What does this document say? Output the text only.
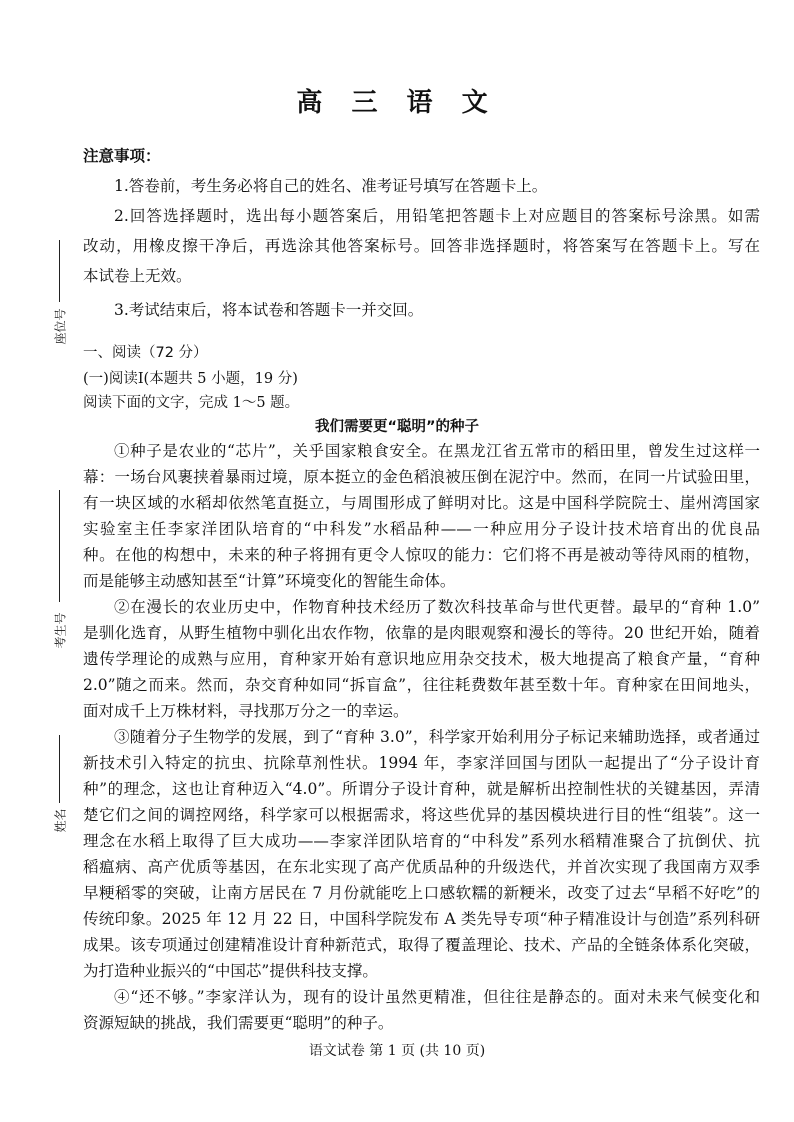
高 三 语 文
注意事项：
1.答卷前，考生务必将自己的姓名、准考证号填写在答题卡上。
2.回答选择题时，选出每小题答案后，用铅笔把答题卡上对应题目的答案标号涂黑。如需
改动，用橡皮擦干净后，再选涂其他答案标号。回答非选择题时，将答案写在答题卡上。写在
本试卷上无效。
3.考试结束后，将本试卷和答题卡一并交回。
座位号
考生号
姓名
一、阅读（72 分）
(一)阅读Ⅰ(本题共 5 小题，19 分)
阅读下面的文字，完成 1～5 题。
我们需要更“聪明”的种子
①种子是农业的“芯片”，关乎国家粮食安全。在黑龙江省五常市的稻田里，曾发生过这样一
幕：一场台风裹挟着暴雨过境，原本挺立的金色稻浪被压倒在泥泞中。然而，在同一片试验田里，
有一块区域的水稻却依然笔直挺立，与周围形成了鲜明对比。这是中国科学院院士、崖州湾国家
实验室主任李家洋团队培育的“中科发”水稻品种——一种应用分子设计技术培育出的优良品
种。在他的构想中，未来的种子将拥有更令人惊叹的能力：它们将不再是被动等待风雨的植物，
而是能够主动感知甚至“计算”环境变化的智能生命体。
②在漫长的农业历史中，作物育种技术经历了数次科技革命与世代更替。最早的“育种 1.0”
是驯化选育，从野生植物中驯化出农作物，依靠的是肉眼观察和漫长的等待。20 世纪开始，随着
遗传学理论的成熟与应用，育种家开始有意识地应用杂交技术，极大地提高了粮食产量，“育种
2.0”随之而来。然而，杂交育种如同“拆盲盒”，往往耗费数年甚至数十年。育种家在田间地头，
面对成千上万株材料，寻找那万分之一的幸运。
③随着分子生物学的发展，到了“育种 3.0”，科学家开始利用分子标记来辅助选择，或者通过
新技术引入特定的抗虫、抗除草剂性状。1994 年，李家洋回国与团队一起提出了“分子设计育
种”的理念，这也让育种迈入“4.0”。所谓分子设计育种，就是解析出控制性状的关键基因，弄清
楚它们之间的调控网络，科学家可以根据需求，将这些优异的基因模块进行目的性“组装”。这一
理念在水稻上取得了巨大成功——李家洋团队培育的“中科发”系列水稻精准聚合了抗倒伏、抗
稻瘟病、高产优质等基因，在东北实现了高产优质品种的升级迭代，并首次实现了我国南方双季
早粳稻零的突破，让南方居民在 7 月份就能吃上口感软糯的新粳米，改变了过去“早稻不好吃”的
传统印象。2025 年 12 月 22 日，中国科学院发布 A 类先导专项“种子精准设计与创造”系列科研
成果。该专项通过创建精准设计育种新范式，取得了覆盖理论、技术、产品的全链条体系化突破，
为打造种业振兴的“中国芯”提供科技支撑。
④“还不够。”李家洋认为，现有的设计虽然更精准，但往往是静态的。面对未来气候变化和
资源短缺的挑战，我们需要更“聪明”的种子。
语文试卷 第 1 页 (共 10 页)
